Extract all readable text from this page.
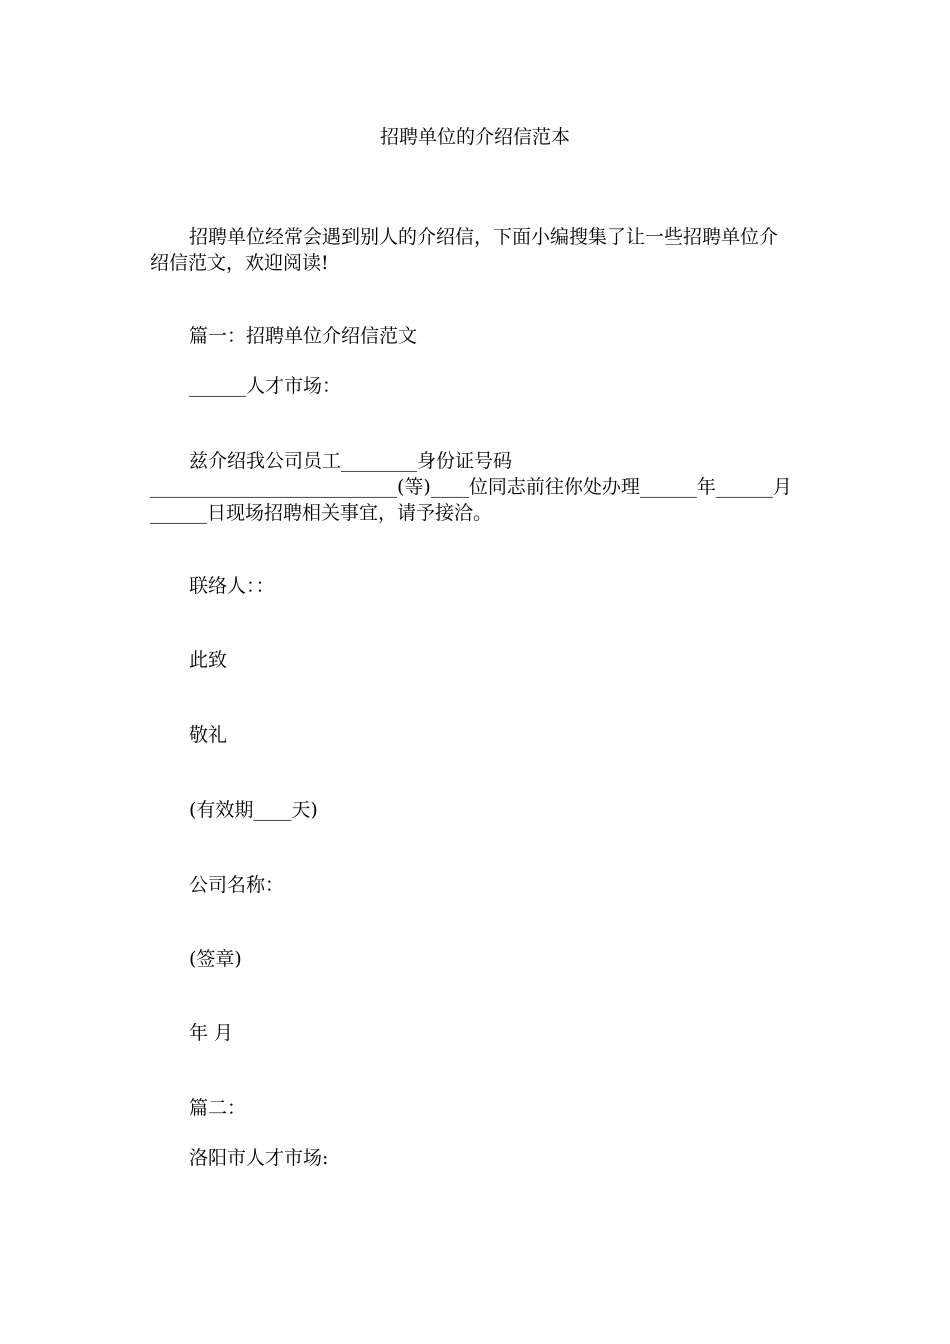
招聘单位的介绍信范本
招聘单位经常会遇到别人的介绍信，下面小编搜集了让一些招聘单位介
绍信范文，欢迎阅读!
篇一：招聘单位介绍信范文
______人才市场：
兹介绍我公司员工________身份证号码
__________________________(等)____位同志前往你处办理______年______月
______日现场招聘相关事宜，请予接洽。
联络人：：
此致
敬礼
(有效期____天)
公司名称：
(签章)
年 月
篇二：
洛阳市人才市场:
